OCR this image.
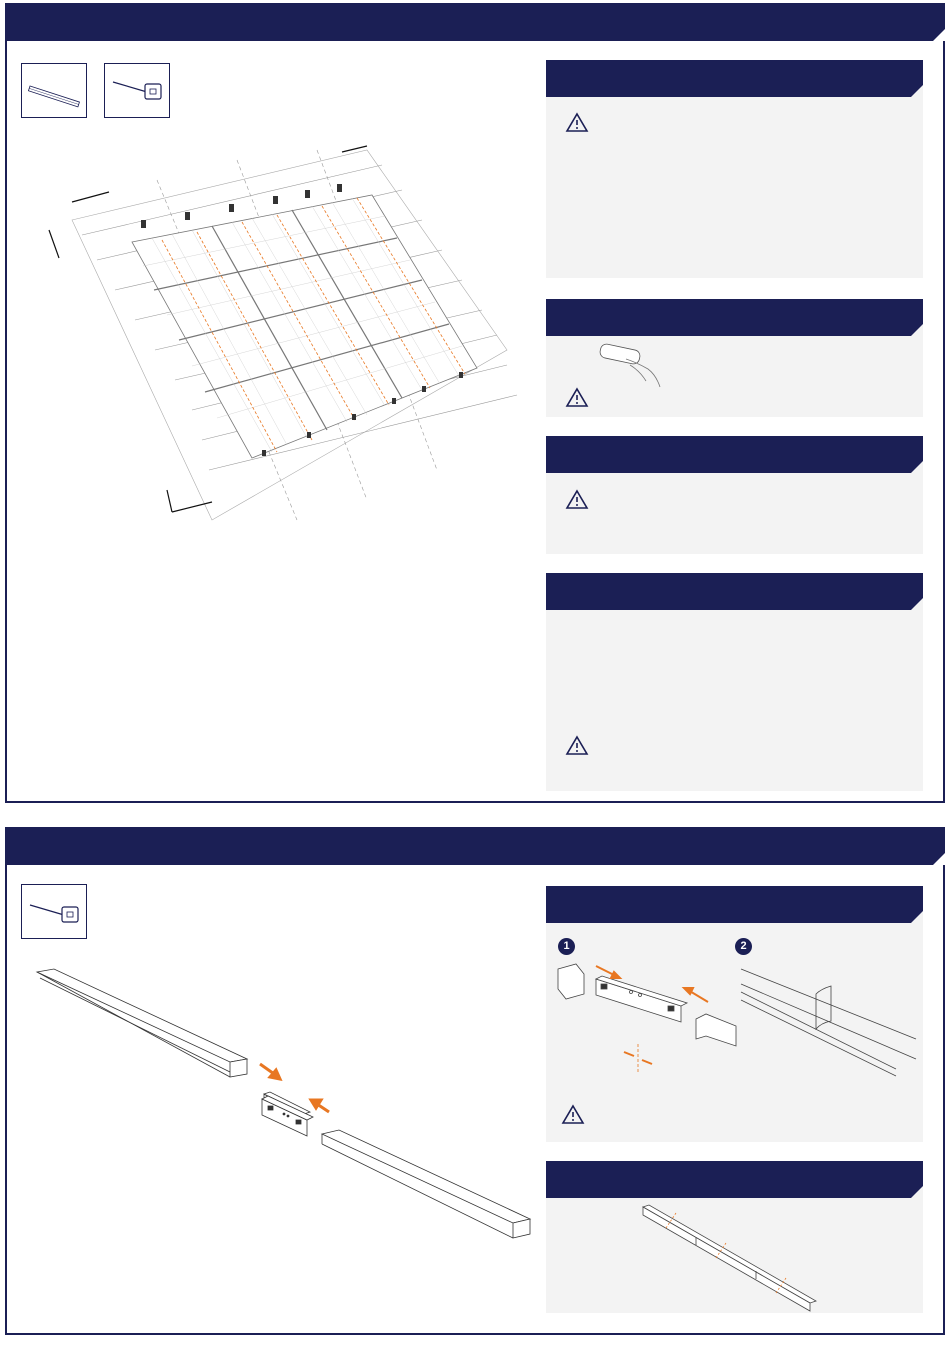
1	2
